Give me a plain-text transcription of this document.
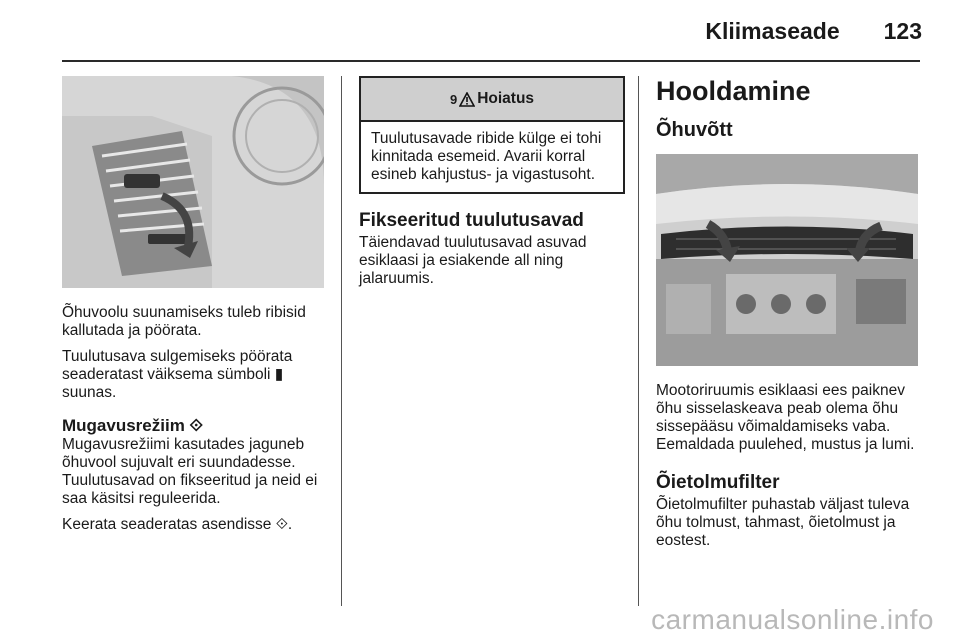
Kliimaseade 123

Õhuvoolu suunamiseks tuleb ribisid kallutada ja pöörata.

Tuulutusava sulgemiseks pöörata seaderatast väiksema sümboli ▮ suunas.

Mugavusrežiim ⟐

Mugavusrežiimi kasutades jaguneb õhuvool sujuvalt eri suundadesse. Tuulutusavad on fikseeritud ja neid ei saa käsitsi reguleerida.

Keerata seaderatas asendisse ⟐.

9 Hoiatus
Tuulutusavade ribide külge ei tohi kinnitada esemeid. Avarii korral esineb kahjustus- ja vigastusoht.
Fikseeritud tuulutusavad

Täiendavad tuulutusavad asuvad esiklaasi ja esiakende all ning jalaruumis.

Hooldamine
Õhuvõtt

Mootoriruumis esiklaasi ees paiknev õhu sisselaskeava peab olema õhu sissepääsu võimaldamiseks vaba. Eemaldada puulehed, mustus ja lumi.

Õietolmufilter

Õietolmufilter puhastab väljast tuleva õhu tolmust, tahmast, õietolmust ja eostest.

carmanualsonline.info
